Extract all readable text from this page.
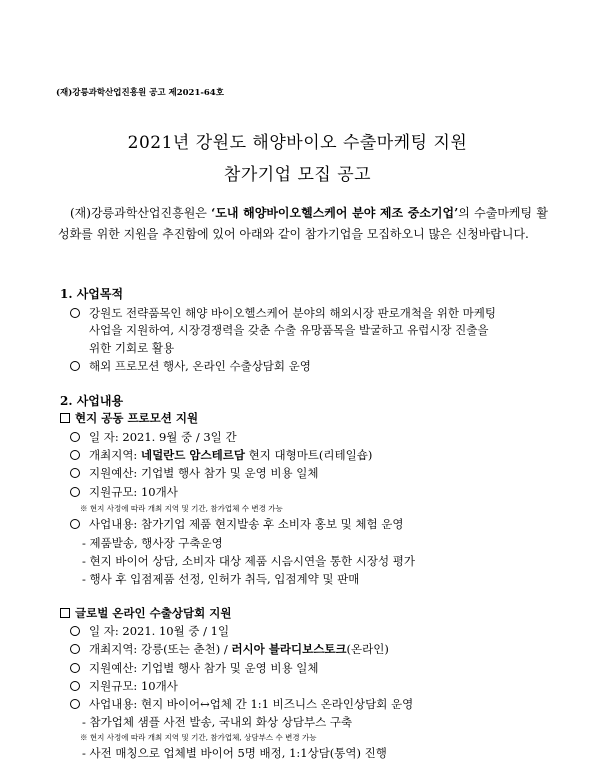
(재)강릉과학산업진흥원 공고 제2021-64호
2021년 강원도 해양바이오 수출마케팅 지원
참가기업 모집 공고
(재)강릉과학산업진흥원은 ‘도내 해양바이오헬스케어 분야 제조 중소기업’의 수출마케팅 활성화를 위한 지원을 추진함에 있어 아래와 같이 참가기업을 모집하오니 많은 신청바랍니다.
1. 사업목적
강원도 전략품목인 해양 바이오헬스케어 분야의 해외시장 판로개척을 위한 마케팅
사업을 지원하여, 시장경쟁력을 갖춘 수출 유망품목을 발굴하고 유럽시장 진출을
위한 기회로 활용
해외 프로모션 행사, 온라인 수출상담회 운영
2. 사업내용
현지 공동 프로모션 지원
일 자: 2021. 9월 중 / 3일 간
개최지역: 네덜란드 암스테르담 현지 대형마트(리테일숍)
지원예산: 기업별 행사 참가 및 운영 비용 일체
지원규모: 10개사
※ 현지 사정에 따라 개최 지역 및 기간, 참가업체 수 변경 가능
사업내용: 참가기업 제품 현지발송 후 소비자 홍보 및 체험 운영
- 제품발송, 행사장 구축운영
- 현지 바이어 상담, 소비자 대상 제품 시음시연을 통한 시장성 평가
- 행사 후 입점제품 선정, 인허가 취득, 입점계약 및 판매
글로벌 온라인 수출상담회 지원
일 자: 2021. 10월 중 / 1일
개최지역: 강릉(또는 춘천) / 러시아 블라디보스토크(온라인)
지원예산: 기업별 행사 참가 및 운영 비용 일체
지원규모: 10개사
사업내용: 현지 바이어↔업체 간 1:1 비즈니스 온라인상담회 운영
- 참가업체 샘플 사전 발송, 국내외 화상 상담부스 구축
※ 현지 사정에 따라 개최 지역 및 기간, 참가업체, 상담부스 수 변경 가능
- 사전 매칭으로 업체별 바이어 5명 배정, 1:1상담(통역) 진행
